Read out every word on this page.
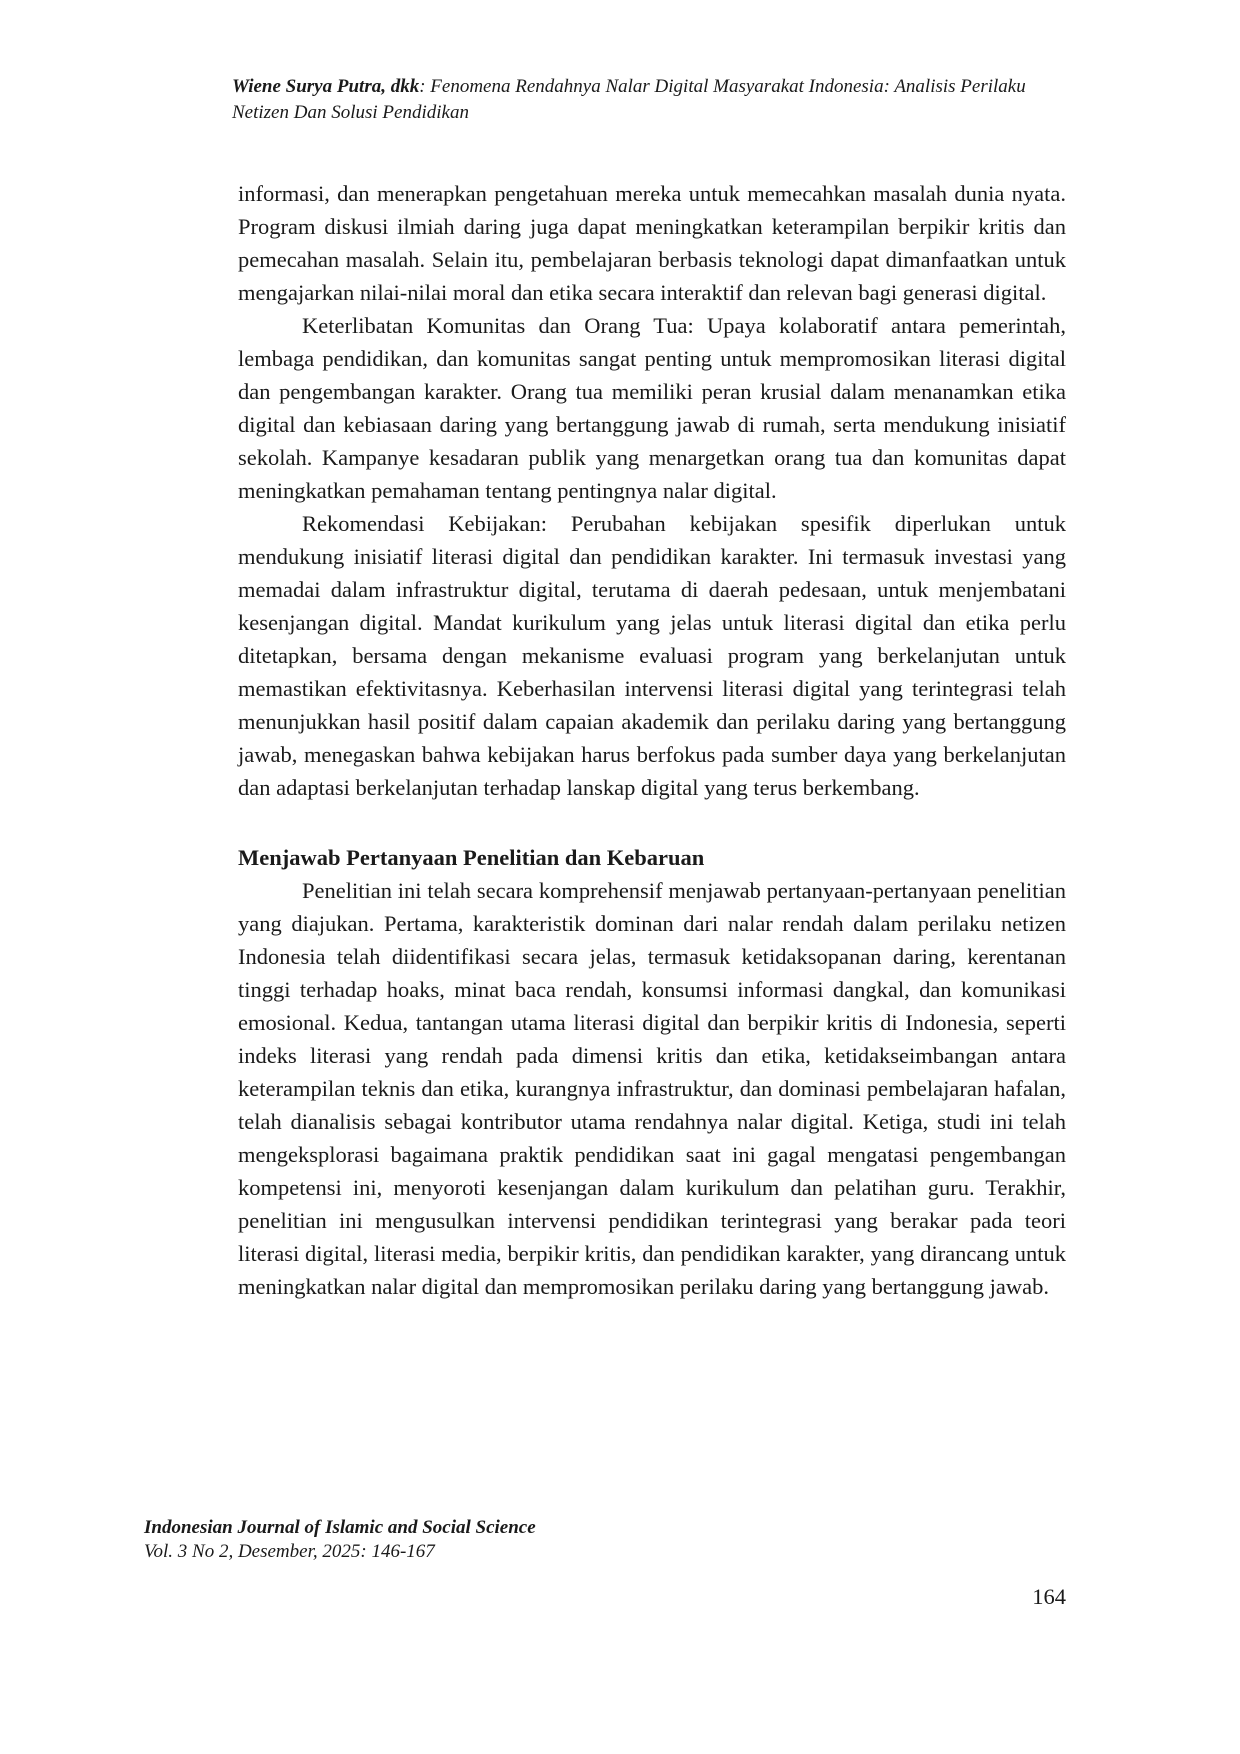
Wiene Surya Putra, dkk: Fenomena Rendahnya Nalar Digital Masyarakat Indonesia: Analisis Perilaku Netizen Dan Solusi Pendidikan

informasi, dan menerapkan pengetahuan mereka untuk memecahkan masalah dunia nyata. Program diskusi ilmiah daring juga dapat meningkatkan keterampilan berpikir kritis dan pemecahan masalah. Selain itu, pembelajaran berbasis teknologi dapat dimanfaatkan untuk mengajarkan nilai-nilai moral dan etika secara interaktif dan relevan bagi generasi digital.

Keterlibatan Komunitas dan Orang Tua: Upaya kolaboratif antara pemerintah, lembaga pendidikan, dan komunitas sangat penting untuk mempromosikan literasi digital dan pengembangan karakter. Orang tua memiliki peran krusial dalam menanamkan etika digital dan kebiasaan daring yang bertanggung jawab di rumah, serta mendukung inisiatif sekolah. Kampanye kesadaran publik yang menargetkan orang tua dan komunitas dapat meningkatkan pemahaman tentang pentingnya nalar digital.

Rekomendasi Kebijakan: Perubahan kebijakan spesifik diperlukan untuk mendukung inisiatif literasi digital dan pendidikan karakter. Ini termasuk investasi yang memadai dalam infrastruktur digital, terutama di daerah pedesaan, untuk menjembatani kesenjangan digital. Mandat kurikulum yang jelas untuk literasi digital dan etika perlu ditetapkan, bersama dengan mekanisme evaluasi program yang berkelanjutan untuk memastikan efektivitasnya. Keberhasilan intervensi literasi digital yang terintegrasi telah menunjukkan hasil positif dalam capaian akademik dan perilaku daring yang bertanggung jawab, menegaskan bahwa kebijakan harus berfokus pada sumber daya yang berkelanjutan dan adaptasi berkelanjutan terhadap lanskap digital yang terus berkembang.

Menjawab Pertanyaan Penelitian dan Kebaruan

Penelitian ini telah secara komprehensif menjawab pertanyaan-pertanyaan penelitian yang diajukan. Pertama, karakteristik dominan dari nalar rendah dalam perilaku netizen Indonesia telah diidentifikasi secara jelas, termasuk ketidaksopanan daring, kerentanan tinggi terhadap hoaks, minat baca rendah, konsumsi informasi dangkal, dan komunikasi emosional. Kedua, tantangan utama literasi digital dan berpikir kritis di Indonesia, seperti indeks literasi yang rendah pada dimensi kritis dan etika, ketidakseimbangan antara keterampilan teknis dan etika, kurangnya infrastruktur, dan dominasi pembelajaran hafalan, telah dianalisis sebagai kontributor utama rendahnya nalar digital. Ketiga, studi ini telah mengeksplorasi bagaimana praktik pendidikan saat ini gagal mengatasi pengembangan kompetensi ini, menyoroti kesenjangan dalam kurikulum dan pelatihan guru. Terakhir, penelitian ini mengusulkan intervensi pendidikan terintegrasi yang berakar pada teori literasi digital, literasi media, berpikir kritis, dan pendidikan karakter, yang dirancang untuk meningkatkan nalar digital dan mempromosikan perilaku daring yang bertanggung jawab.

Indonesian Journal of Islamic and Social Science
Vol. 3 No 2, Desember, 2025: 146-167
164
